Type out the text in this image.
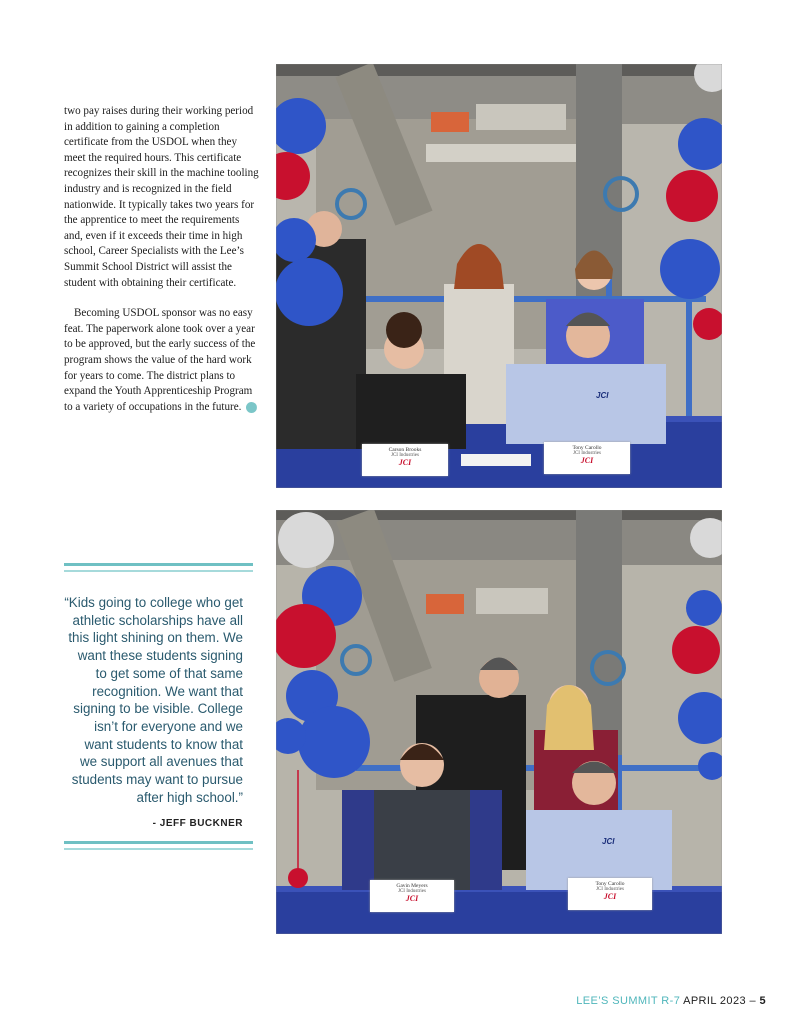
two pay raises during their working period in addition to gaining a completion certificate from the USDOL when they meet the required hours. This certificate recognizes their skill in the machine tooling industry and is recognized in the field nationwide. It typically takes two years for the apprentice to meet the requirements and, even if it exceeds their time in high school, Career Specialists with the Lee’s Summit School District will assist the student with obtaining their certificate.

Becoming USDOL sponsor was no easy feat. The paperwork alone took over a year to be approved, but the early success of the program shows the value of the hard work for years to come. The district plans to expand the Youth Apprenticeship Program to a variety of occupations in the future. R

“Kids going to college who get athletic scholarships have all this light shining on them. We want these students signing to get some of that same recognition. We want that signing to be visible. College isn’t for everyone and we want students to know that we support all avenues that students may want to pursue after high school.”
- JEFF BUCKNER
Carson Brooks
JCI Industries
JCI
Tony Carollo
JCI Industries
JCI
JCI
Gavin Meyers
JCI Industries
JCI
Tony Carollo
JCI Industries
JCI
JCI
LEE’S SUMMIT R-7 APRIL 2023 – 5
